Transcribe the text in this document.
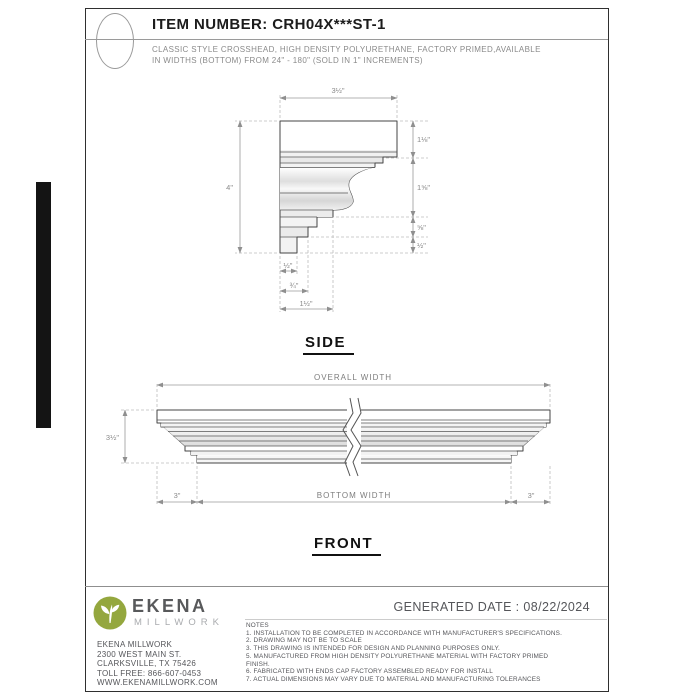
ITEM NUMBER: CRH04X***ST-1
CLASSIC STYLE CROSSHEAD, HIGH DENSITY POLYURETHANE, FACTORY PRIMED,AVAILABLE
IN WIDTHS (BOTTOM) FROM 24" - 180" (SOLD IN 1" INCREMENTS)
3½"
4"
1⅛"
1⅝"
⅝"
½"
½"
¾"
1½"
SIDE
OVERALL WIDTH
3½"
3"	BOTTOM WIDTH	3"
FRONT
EKENA
MILLWORK
EKENA MILLWORK
2300 WEST MAIN ST.
CLARKSVILLE, TX 75426
TOLL FREE: 866-607-0453
WWW.EKENAMILLWORK.COM
GENERATED DATE : 08/22/2024
NOTES
1. INSTALLATION TO BE COMPLETED IN ACCORDANCE WITH MANUFACTURER'S SPECIFICATIONS.
2. DRAWING MAY NOT BE TO SCALE
3. THIS DRAWING IS INTENDED FOR DESIGN AND PLANNING PURPOSES ONLY.
5. MANUFACTURED FROM HIGH DENSITY POLYURETHANE MATERIAL WITH FACTORY PRIMED
FINISH.
6. FABRICATED WITH ENDS CAP FACTORY ASSEMBLED READY FOR INSTALL
7. ACTUAL DIMENSIONS MAY VARY DUE TO MATERIAL AND MANUFACTURING TOLERANCES
